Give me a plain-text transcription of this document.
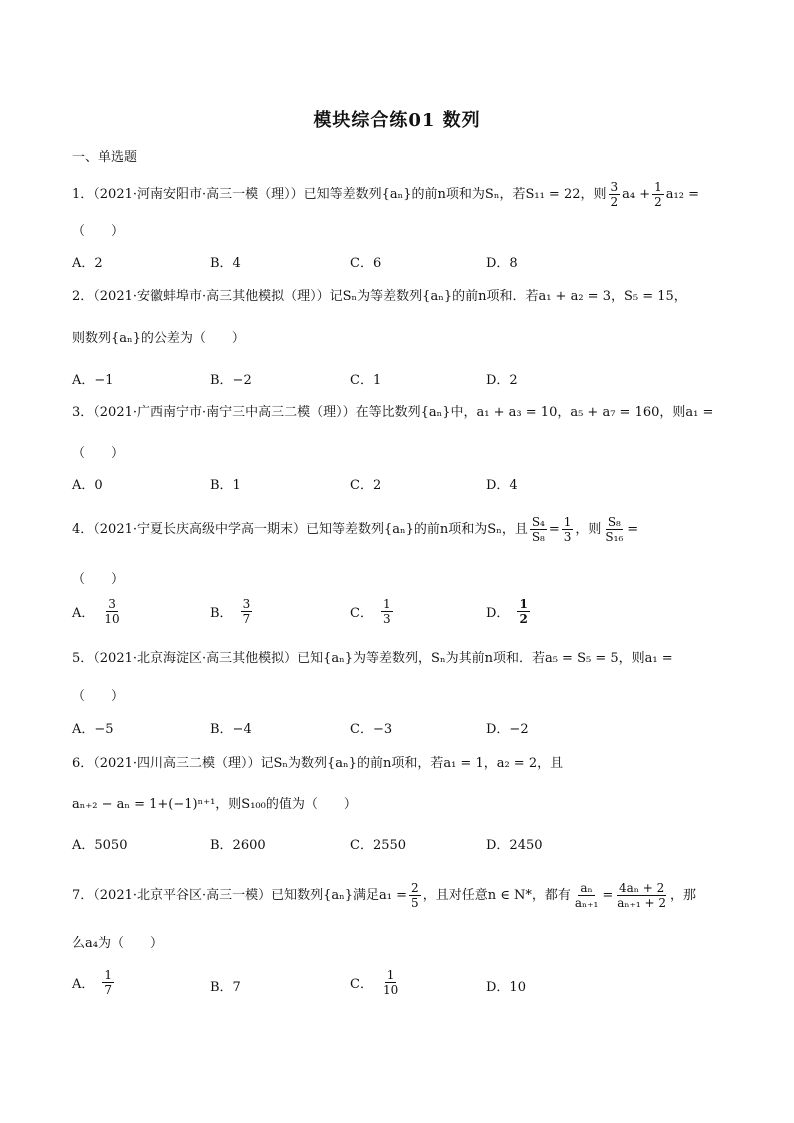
模块综合练01 数列
一、单选题
1．（2021·河南安阳市·高三一模（理））已知等差数列{aₙ}的前n项和为Sₙ，若S₁₁ = 22，则 $\frac{3}{2} a_4 + \frac{1}{2} a_{12}$ =
（　　）
A．2	B．4	C．6	D．8
2．（2021·安徽蚌埠市·高三其他模拟（理））记Sₙ为等差数列{aₙ}的前n项和．若a₁ + a₂ = 3，S₅ = 15，
则数列{aₙ}的公差为（　　）
A．−1	B．−2	C．1	D．2
3．（2021·广西南宁市·南宁三中高三二模（理））在等比数列{aₙ}中，a₁ + a₃ = 10，a₅ + a₇ = 160，则a₁ =
（　　）
A．0	B．1	C．2	D．4
4．（2021·宁夏长庆高级中学高一期末）已知等差数列{aₙ}的前n项和为Sₙ，且 $\frac{\text{S₄}}{\text{S₈}} = \frac{1}{3}$ ，则 $\frac{\text{S₈}}{\text{S₁₆}}$ =
（　　）
A． $\frac{3}{10}$	B． $\frac{3}{7}$	C． $\frac{1}{3}$	D． $\frac{1}{2}$
5．（2021·北京海淀区·高三其他模拟）已知{aₙ}为等差数列，Sₙ为其前n项和．若a₅ = S₅ = 5，则a₁ =
（　　）
A．−5	B．−4	C．−3	D．−2
6．（2021·四川高三二模（理））记Sₙ为数列{aₙ}的前n项和，若a₁ = 1，a₂ = 2，且
aₙ₊₂ − aₙ = 1+(−1)ⁿ⁺¹，则S₁₀₀的值为（　　）
A．5050	B．2600	C．2550	D．2450
7．（2021·北京平谷区·高三一模）已知数列{aₙ}满足$a_1 = \frac{2}{5}$ ，且对任意n ∈ N*，都有 $\frac{\text{aₙ}}{\text{aₙ₊₁}} = \frac{\text{4aₙ + 2}}{\text{aₙ₊₁ + 2}}$ ，那
么a₄为（　　）
A． $\frac{1}{7}$	B．7	C． $\frac{1}{10}$	D．10
